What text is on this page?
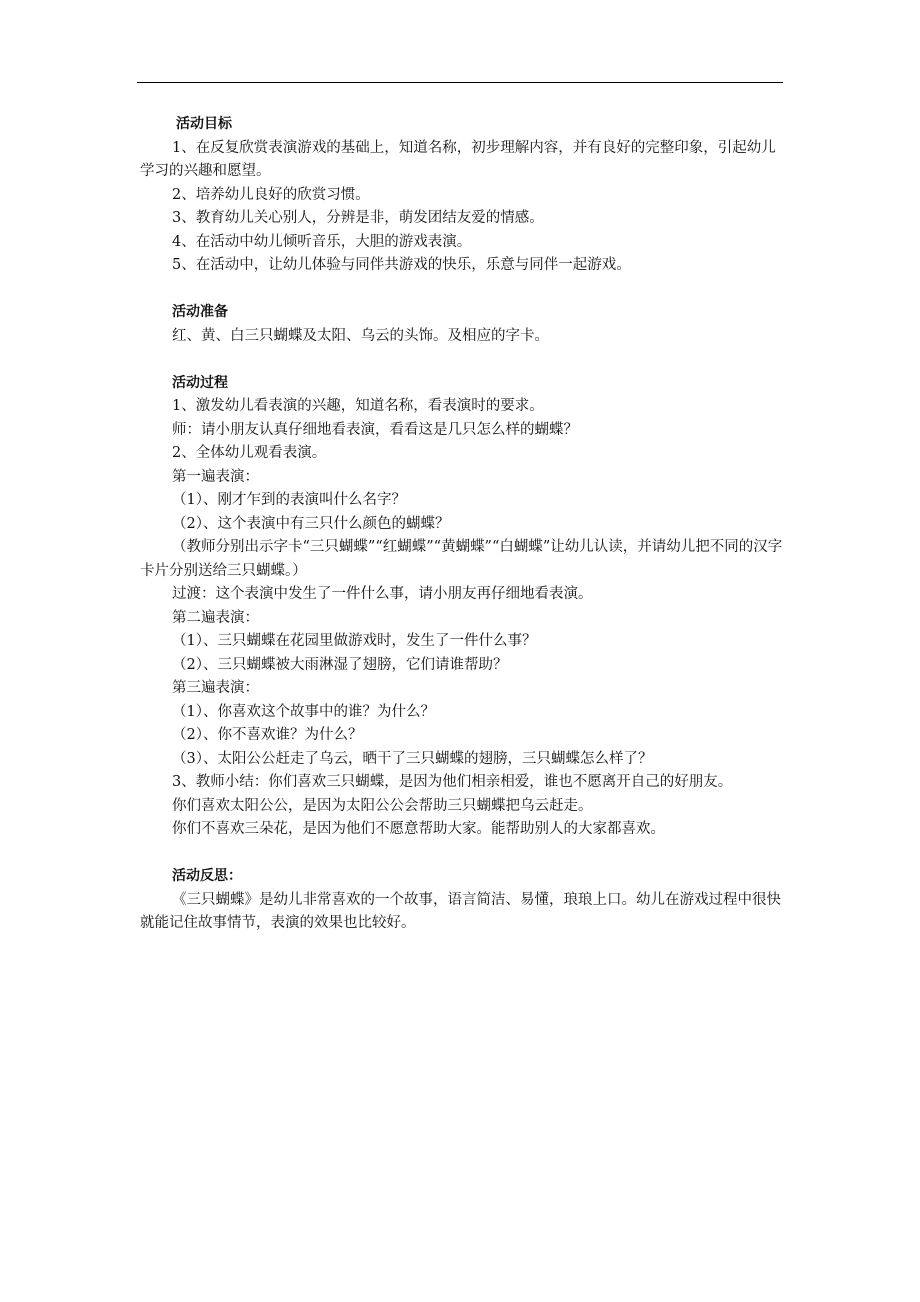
活动目标

1、在反复欣赏表演游戏的基础上，知道名称，初步理解内容，并有良好的完整印象，引起幼儿学习的兴趣和愿望。

2、培养幼儿良好的欣赏习惯。

3、教育幼儿关心别人，分辨是非，萌发团结友爱的情感。

4、在活动中幼儿倾听音乐，大胆的游戏表演。

5、在活动中，让幼儿体验与同伴共游戏的快乐，乐意与同伴一起游戏。

活动准备

红、黄、白三只蝴蝶及太阳、乌云的头饰。及相应的字卡。

活动过程

1、激发幼儿看表演的兴趣，知道名称，看表演时的要求。

师：请小朋友认真仔细地看表演，看看这是几只怎么样的蝴蝶？

2、全体幼儿观看表演。

第一遍表演：

（1）、刚才乍到的表演叫什么名字？

（2）、这个表演中有三只什么颜色的蝴蝶？

（教师分别出示字卡“三只蝴蝶”“红蝴蝶”“黄蝴蝶”“白蝴蝶”让幼儿认读，并请幼儿把不同的汉字卡片分别送给三只蝴蝶。）

过渡：这个表演中发生了一件什么事，请小朋友再仔细地看表演。

第二遍表演：

（1）、三只蝴蝶在花园里做游戏时，发生了一件什么事？

（2）、三只蝴蝶被大雨淋湿了翅膀，它们请谁帮助？

第三遍表演：

（1）、你喜欢这个故事中的谁？为什么？

（2）、你不喜欢谁？为什么？

（3）、太阳公公赶走了乌云，晒干了三只蝴蝶的翅膀，三只蝴蝶怎么样了？

3、教师小结：你们喜欢三只蝴蝶，是因为他们相亲相爱，谁也不愿离开自己的好朋友。

你们喜欢太阳公公，是因为太阳公公会帮助三只蝴蝶把乌云赶走。

你们不喜欢三朵花，是因为他们不愿意帮助大家。能帮助别人的大家都喜欢。

活动反思：

《三只蝴蝶》是幼儿非常喜欢的一个故事，语言简洁、易懂，琅琅上口。幼儿在游戏过程中很快就能记住故事情节，表演的效果也比较好。
